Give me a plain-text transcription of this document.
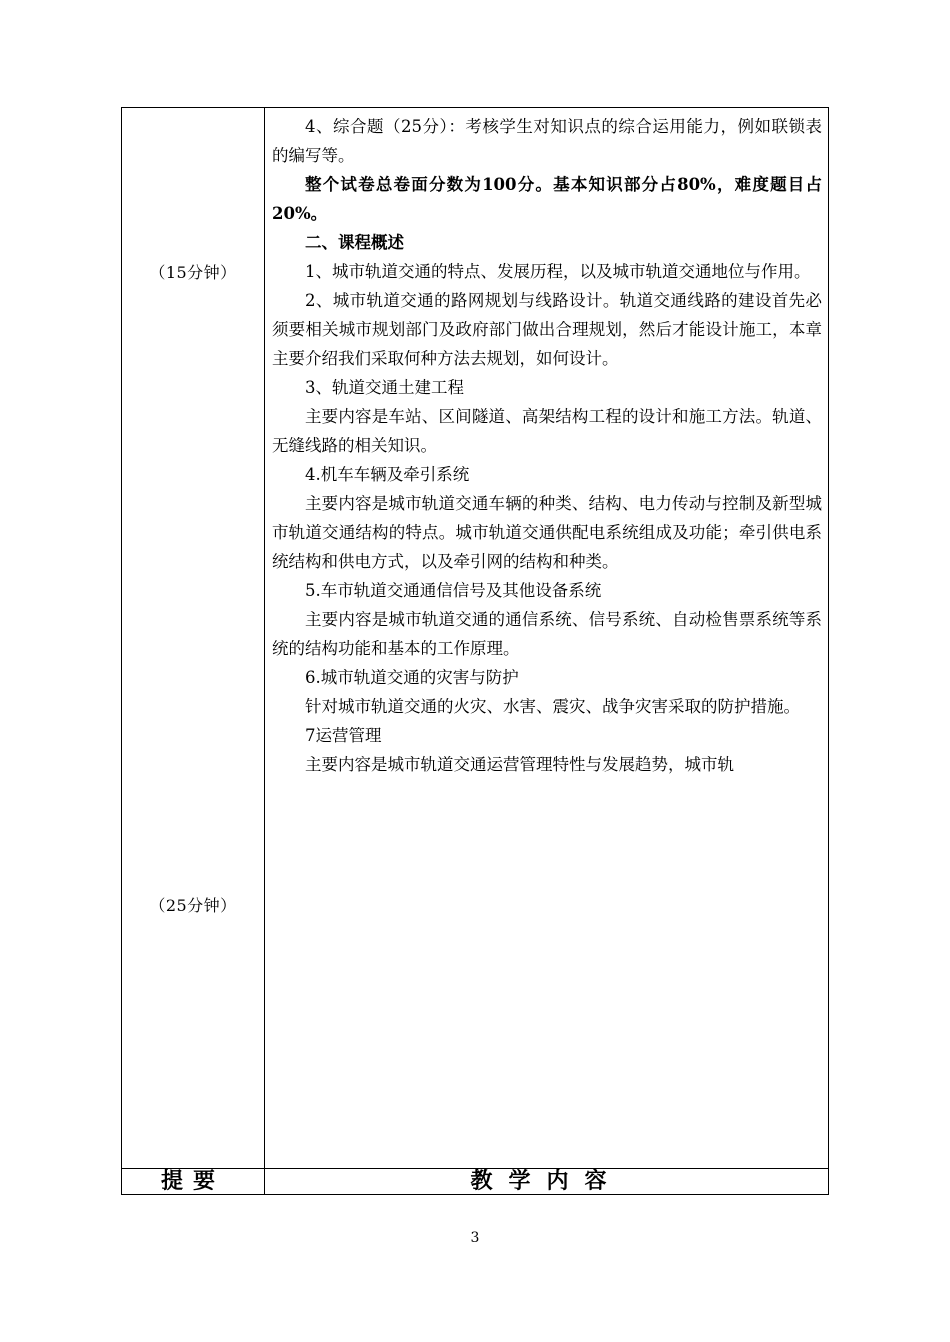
（15分钟）
（25分钟）

4、综合题（25分）：考核学生对知识点的综合运用能力，例如联锁表的编写等。

整个试卷总卷面分数为100分。基本知识部分占80%，难度题目占20%。

二、课程概述

1、城市轨道交通的特点、发展历程，以及城市轨道交通地位与作用。

2、城市轨道交通的路网规划与线路设计。轨道交通线路的建设首先必须要相关城市规划部门及政府部门做出合理规划，然后才能设计施工，本章主要介绍我们采取何种方法去规划，如何设计。

3、轨道交通土建工程

主要内容是车站、区间隧道、高架结构工程的设计和施工方法。轨道、无缝线路的相关知识。

4.机车车辆及牵引系统

主要内容是城市轨道交通车辆的种类、结构、电力传动与控制及新型城市轨道交通结构的特点。城市轨道交通供配电系统组成及功能；牵引供电系统结构和供电方式，以及牵引网的结构和种类。

5.车市轨道交通通信信号及其他设备系统

主要内容是城市轨道交通的通信系统、信号系统、自动检售票系统等系统的结构功能和基本的工作原理。

6.城市轨道交通的灾害与防护

针对城市轨道交通的火灾、水害、震灾、战争灾害采取的防护措施。

7运营管理

主要内容是城市轨道交通运营管理特性与发展趋势，城市轨

提要	教学内容
3
